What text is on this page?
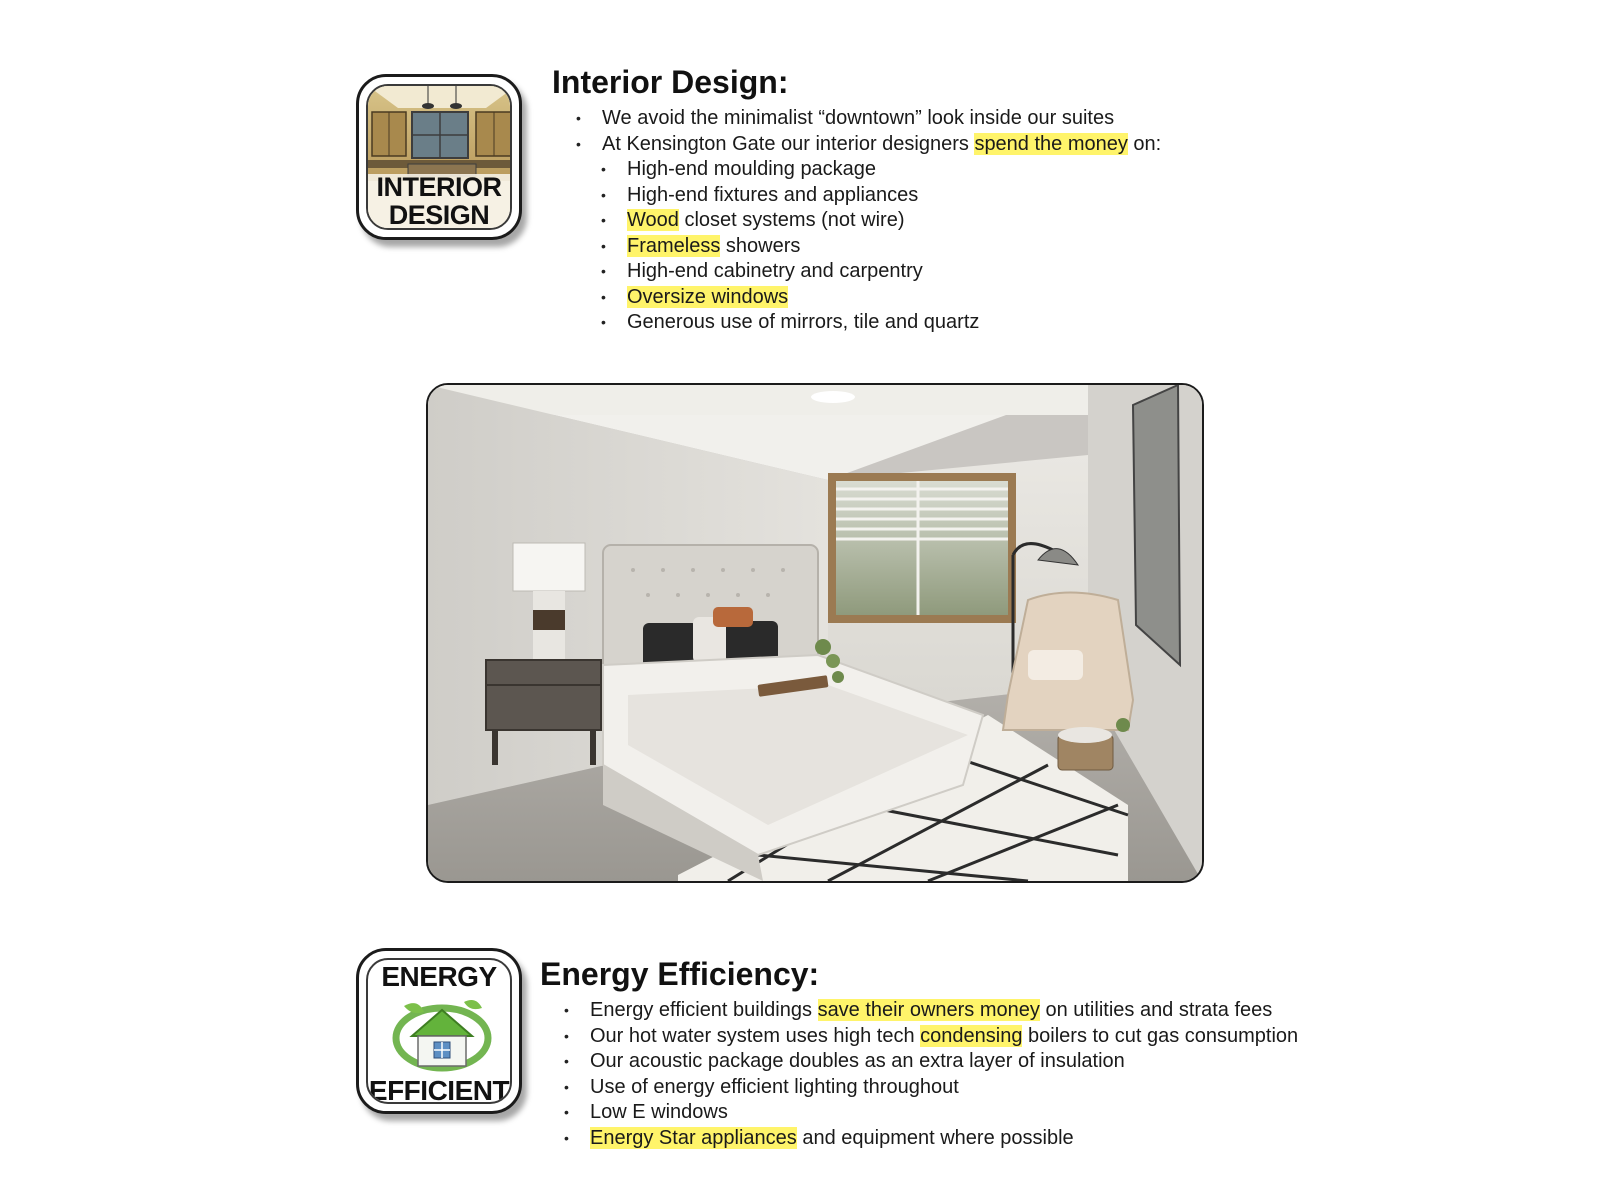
INTERIOR
DESIGN
Interior Design:
• We avoid the minimalist “downtown” look inside our suites
• At Kensington Gate our interior designers spend the money on:
• High-end moulding package
• High-end fixtures and appliances
• Wood closet systems (not wire)
• Frameless showers
• High-end cabinetry and carpentry
• Oversize windows
• Generous use of mirrors, tile and quartz
ENERGY
EFFICIENT
Energy Efficiency:
• Energy efficient buildings save their owners money on utilities and strata fees
• Our hot water system uses high tech condensing boilers to cut gas consumption
• Our acoustic package doubles as an extra layer of insulation
• Use of energy efficient lighting throughout
• Low E windows
• Energy Star appliances and equipment where possible
